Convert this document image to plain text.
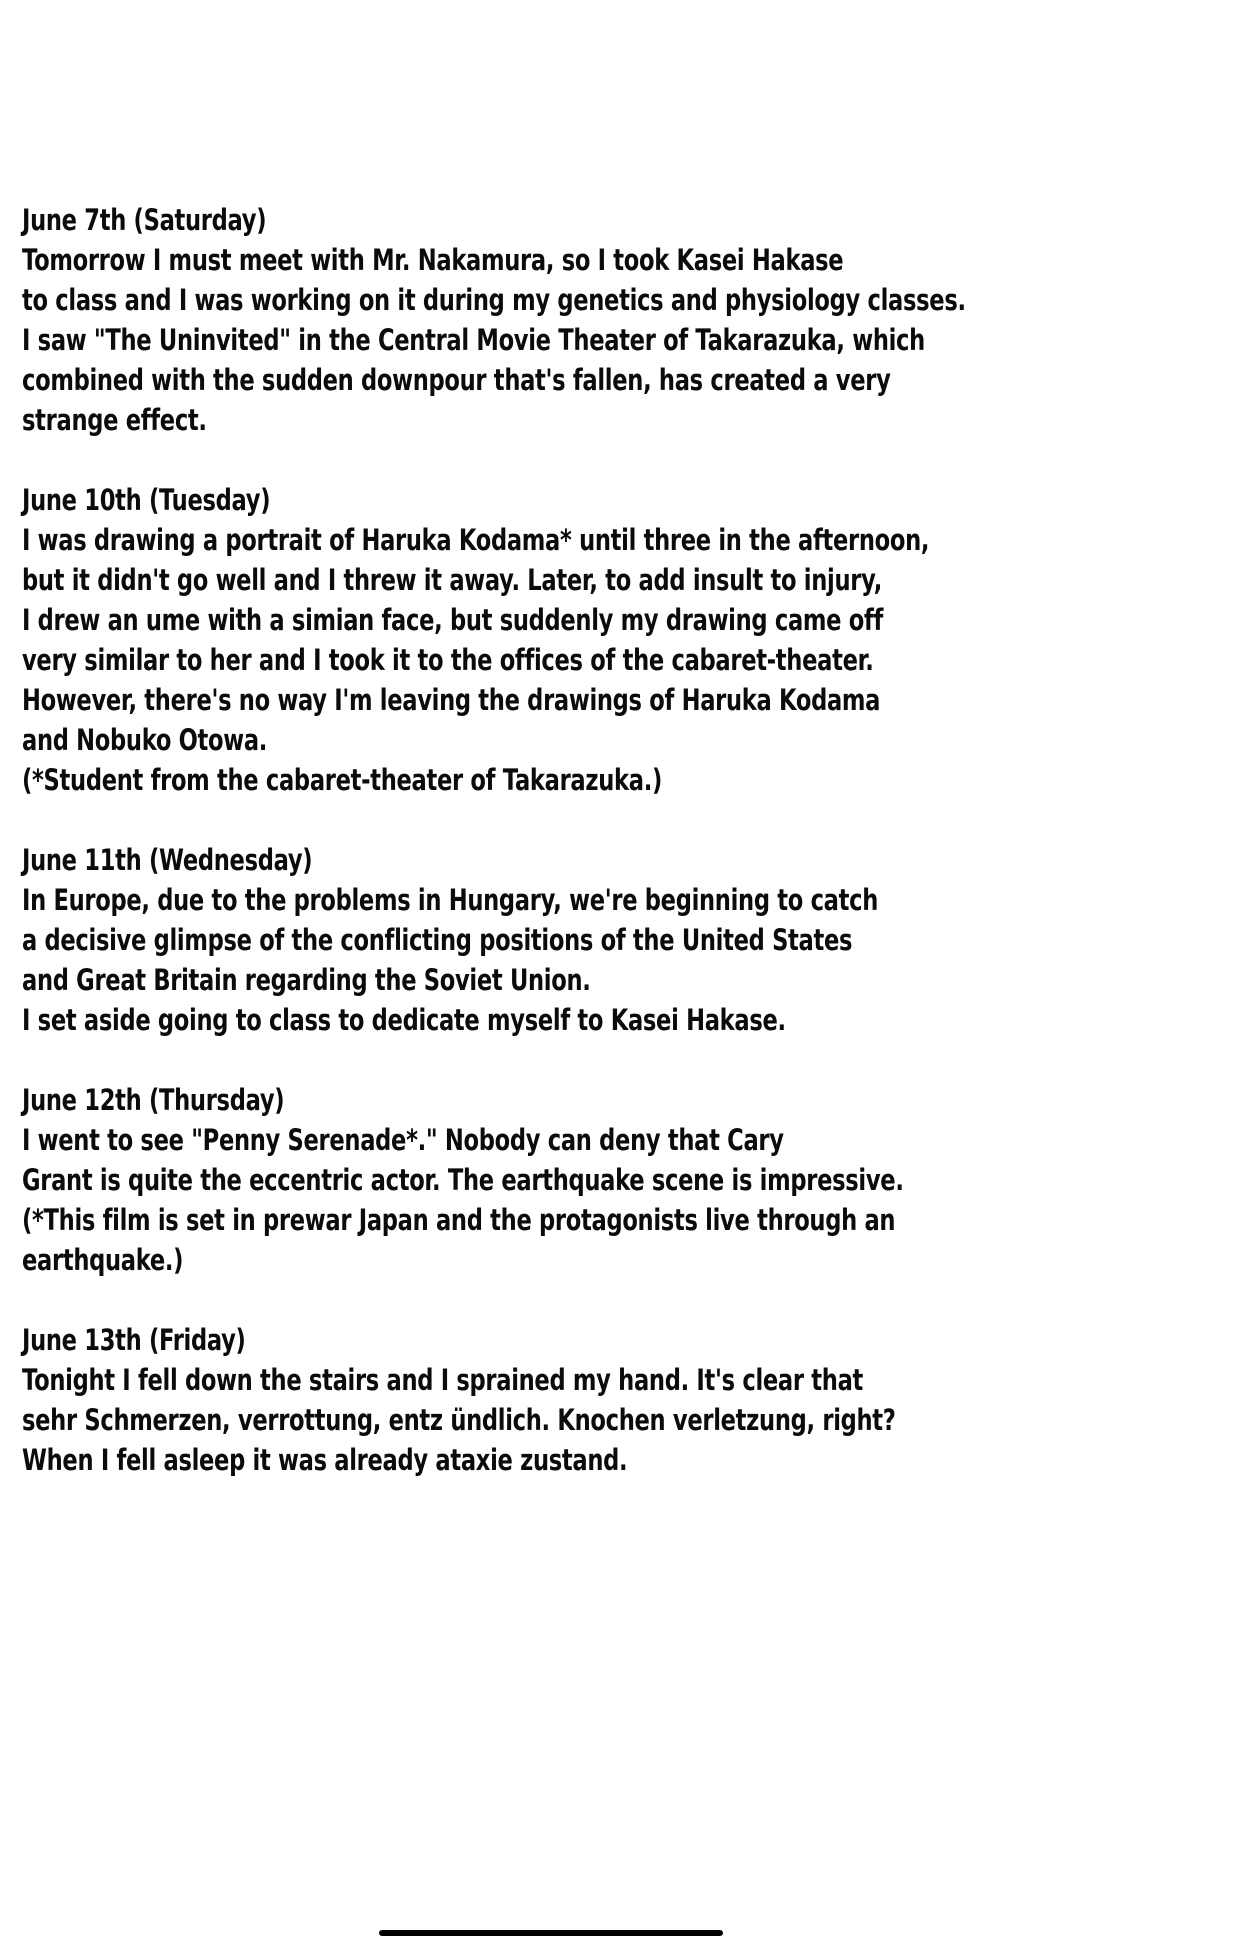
June 7th (Saturday)
Tomorrow I must meet with Mr. Nakamura, so I took Kasei Hakase
to class and I was working on it during my genetics and physiology classes.
I saw "The Uninvited" in the Central Movie Theater of Takarazuka, which
combined with the sudden downpour that's fallen, has created a very
strange effect.
June 10th (Tuesday)
I was drawing a portrait of Haruka Kodama* until three in the afternoon,
but it didn't go well and I threw it away. Later, to add insult to injury,
I drew an ume with a simian face, but suddenly my drawing came off
very similar to her and I took it to the offices of the cabaret-theater.
However, there's no way I'm leaving the drawings of Haruka Kodama
and Nobuko Otowa.
(*Student from the cabaret-theater of Takarazuka.)
June 11th (Wednesday)
In Europe, due to the problems in Hungary, we're beginning to catch
a decisive glimpse of the conflicting positions of the United States
and Great Britain regarding the Soviet Union.
I set aside going to class to dedicate myself to Kasei Hakase.
June 12th (Thursday)
I went to see "Penny Serenade*." Nobody can deny that Cary
Grant is quite the eccentric actor. The earthquake scene is impressive.
(*This film is set in prewar Japan and the protagonists live through an
earthquake.)
June 13th (Friday)
Tonight I fell down the stairs and I sprained my hand. It's clear that
sehr Schmerzen, verrottung, entz ündlich. Knochen verletzung, right?
When I fell asleep it was already ataxie zustand.
